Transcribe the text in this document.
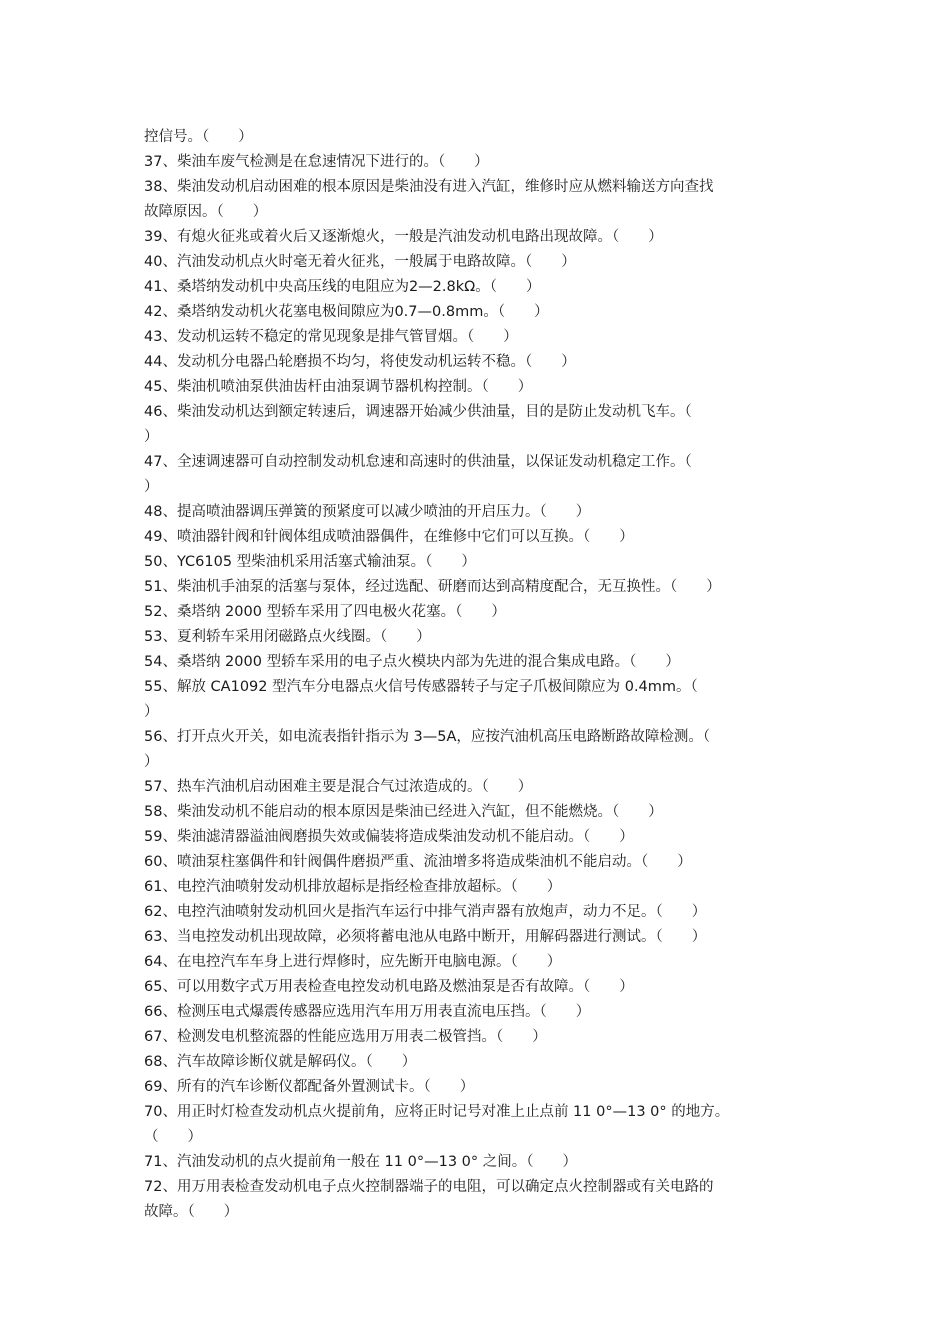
控信号。（　　）
37、柴油车废气检测是在怠速情况下进行的。（　　）
38、柴油发动机启动困难的根本原因是柴油没有进入汽缸，维修时应从燃料输送方向查找
故障原因。（　　）
39、有熄火征兆或着火后又逐渐熄火，一般是汽油发动机电路出现故障。（　　）
40、汽油发动机点火时毫无着火征兆，一般属于电路故障。（　　）
41、桑塔纳发动机中央高压线的电阻应为2—2.8kΩ。（　　）
42、桑塔纳发动机火花塞电极间隙应为0.7—0.8mm。（　　）
43、发动机运转不稳定的常见现象是排气管冒烟。（　　）
44、发动机分电器凸轮磨损不均匀，将使发动机运转不稳。（　　）
45、柴油机喷油泵供油齿杆由油泵调节器机构控制。（　　）
46、柴油发动机达到额定转速后，调速器开始减少供油量，目的是防止发动机飞车。（
）
47、全速调速器可自动控制发动机怠速和高速时的供油量，以保证发动机稳定工作。（
）
48、提高喷油器调压弹簧的预紧度可以减少喷油的开启压力。（　　）
49、喷油器针阀和针阀体组成喷油器偶件，在维修中它们可以互换。（　　）
50、YC6105 型柴油机采用活塞式输油泵。（　　）
51、柴油机手油泵的活塞与泵体，经过选配、研磨而达到高精度配合，无互换性。（　　）
52、桑塔纳 2000 型轿车采用了四电极火花塞。（　　）
53、夏利轿车采用闭磁路点火线圈。（　　）
54、桑塔纳 2000 型轿车采用的电子点火模块内部为先进的混合集成电路。（　　）
55、解放 CA1092 型汽车分电器点火信号传感器转子与定子爪极间隙应为 0.4mm。（
）
56、打开点火开关，如电流表指针指示为 3—5A，应按汽油机高压电路断路故障检测。（
）
57、热车汽油机启动困难主要是混合气过浓造成的。（　　）
58、柴油发动机不能启动的根本原因是柴油已经进入汽缸，但不能燃烧。（　　）
59、柴油滤清器溢油阀磨损失效或偏装将造成柴油发动机不能启动。（　　）
60、喷油泵柱塞偶件和针阀偶件磨损严重、流油增多将造成柴油机不能启动。（　　）
61、电控汽油喷射发动机排放超标是指经检查排放超标。（　　）
62、电控汽油喷射发动机回火是指汽车运行中排气消声器有放炮声，动力不足。（　　）
63、当电控发动机出现故障，必须将蓄电池从电路中断开，用解码器进行测试。（　　）
64、在电控汽车车身上进行焊修时，应先断开电脑电源。（　　）
65、可以用数字式万用表检查电控发动机电路及燃油泵是否有故障。（　　）
66、检测压电式爆震传感器应选用汽车用万用表直流电压挡。（　　）
67、检测发电机整流器的性能应选用万用表二极管挡。（　　）
68、汽车故障诊断仪就是解码仪。（　　）
69、所有的汽车诊断仪都配备外置测试卡。（　　）
70、用正时灯检查发动机点火提前角，应将正时记号对准上止点前 11 0°—13 0° 的地方。
（　　）
71、汽油发动机的点火提前角一般在 11 0°—13 0° 之间。（　　）
72、用万用表检查发动机电子点火控制器端子的电阻，可以确定点火控制器或有关电路的
故障。（　　）
